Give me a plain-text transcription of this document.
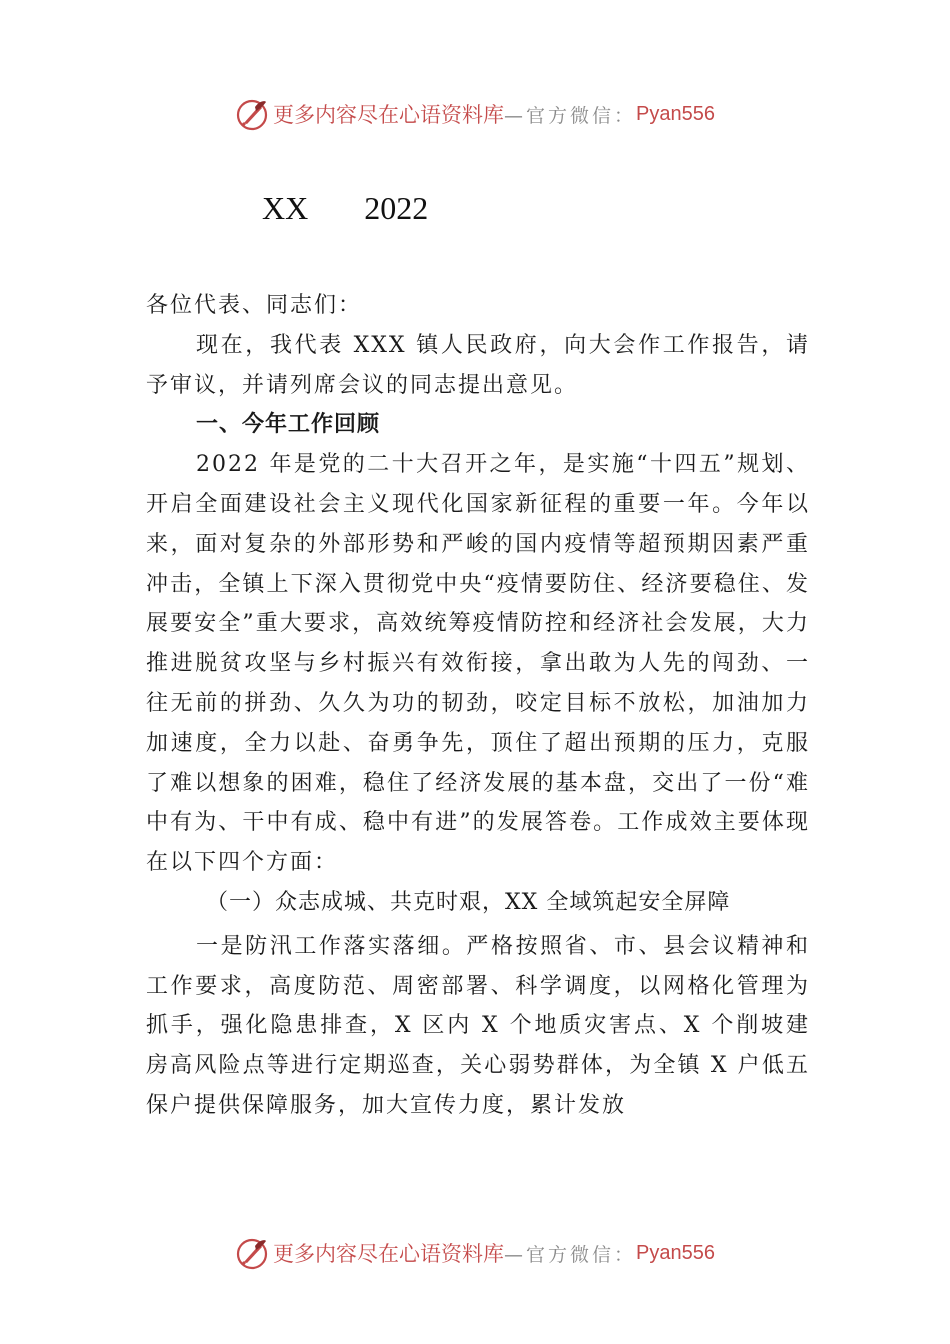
更多内容尽在心语资料库 —官方微信： Pyan556
XX 2022

各位代表、同志们：

现在，我代表 XXX 镇人民政府，向大会作工作报告，请予审议，并请列席会议的同志提出意见。

一、今年工作回顾

2022 年是党的二十大召开之年，是实施“十四五”规划、开启全面建设社会主义现代化国家新征程的重要一年。今年以来，面对复杂的外部形势和严峻的国内疫情等超预期因素严重冲击，全镇上下深入贯彻党中央“疫情要防住、经济要稳住、发展要安全”重大要求，高效统筹疫情防控和经济社会发展，大力推进脱贫攻坚与乡村振兴有效衔接，拿出敢为人先的闯劲、一往无前的拼劲、久久为功的韧劲，咬定目标不放松，加油加力加速度，全力以赴、奋勇争先，顶住了超出预期的压力，克服了难以想象的困难，稳住了经济发展的基本盘，交出了一份“难中有为、干中有成、稳中有进”的发展答卷。工作成效主要体现在以下四个方面：

（一）众志成城、共克时艰，XX 全域筑起安全屏障

一是防汛工作落实落细。严格按照省、市、县会议精神和工作要求，高度防范、周密部署、科学调度，以网格化管理为抓手，强化隐患排查，X 区内 X 个地质灾害点、X 个削坡建房高风险点等进行定期巡查，关心弱势群体，为全镇 X 户低五保户提供保障服务，加大宣传力度，累计发放

更多内容尽在心语资料库 —官方微信： Pyan556
